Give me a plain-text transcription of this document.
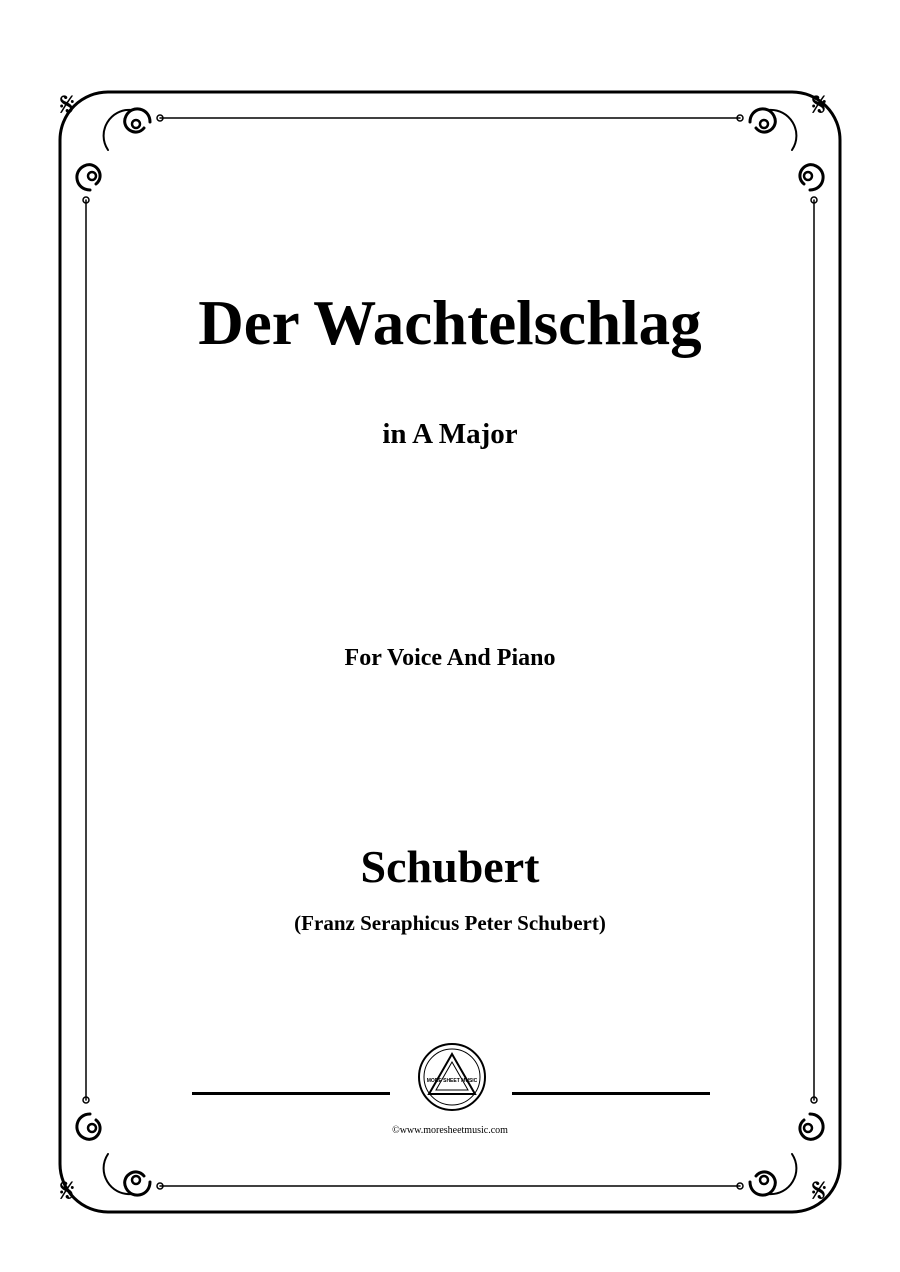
𝄋	𝄋
𝄋	𝄋
Der Wachtelschlag
in A Major
For Voice And Piano
Schubert
(Franz Seraphicus Peter Schubert)
MORE SHEET MUSIC
©www.moresheetmusic.com
